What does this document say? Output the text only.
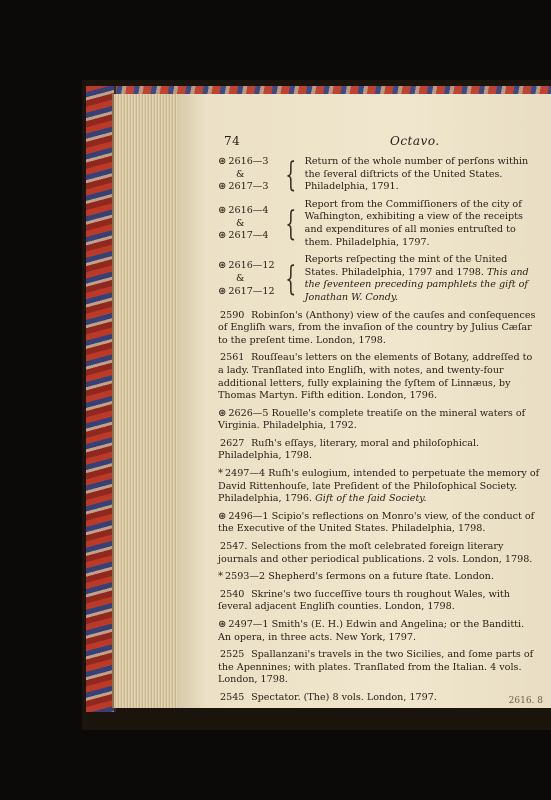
74	Octavo.
⊛ 2616—3
&
⊛ 2617—3 { Return of the whole number of perſons within the ſeveral diſtricts of the United States. Philadelphia, 1791.
⊛ 2616—4
&
⊛ 2617—4 { Report from the Commiſſioners of the city of Waſhington, exhibiting a view of the receipts and expenditures of all monies entruſted to them. Philadelphia, 1797.
⊛ 2616—12
&
⊛ 2617—12 { Reports reſpecting the mint of the United States. Philadelphia, 1797 and 1798. This and the ſeventeen preceding pamphlets the gift of Jonathan W. Condy.
2590 Robinſon's (Anthony) view of the cauſes and conſequences of Engliſh wars, from the invaſion of the country by Julius Cæſar to the preſent time. London, 1798.
2561 Rouſſeau's letters on the elements of Botany, addreſſed to a lady. Tranſlated into Engliſh, with notes, and twenty-four additional letters, fully explaining the ſyſtem of Linnæus, by Thomas Martyn. Fifth edition. London, 1796.
⊛ 2626—5 Rouelle's complete treatiſe on the mineral waters of Virginia. Philadelphia, 1792.
2627 Ruſh's eſſays, literary, moral and philoſophical. Philadelphia, 1798.
* 2497—4 Ruſh's eulogium, intended to perpetuate the memory of David Rittenhouſe, late Preſident of the Philoſophical Society. Philadelphia, 1796. Gift of the ſaid Society.
⊛ 2496—1 Scipio's reflections on Monro's view, of the conduct of the Executive of the United States. Philadelphia, 1798.
2547. Selections from the moſt celebrated foreign literary journals and other periodical publications. 2 vols. London, 1798.
* 2593—2 Shepherd's ſermons on a future ſtate. London.
2540 Skrine's two ſucceſſive tours th roughout Wales, with ſeveral adjacent Engliſh counties. London, 1798.
⊛ 2497—1 Smith's (E. H.) Edwin and Angelina; or the Banditti. An opera, in three acts. New York, 1797.
2525 Spallanzani's travels in the two Sicilies, and ſome parts of the Apennines; with plates. Tranſlated from the Italian. 4 vols. London, 1798.
2545 Spectator. (The) 8 vols. London, 1797.	2616. 8
